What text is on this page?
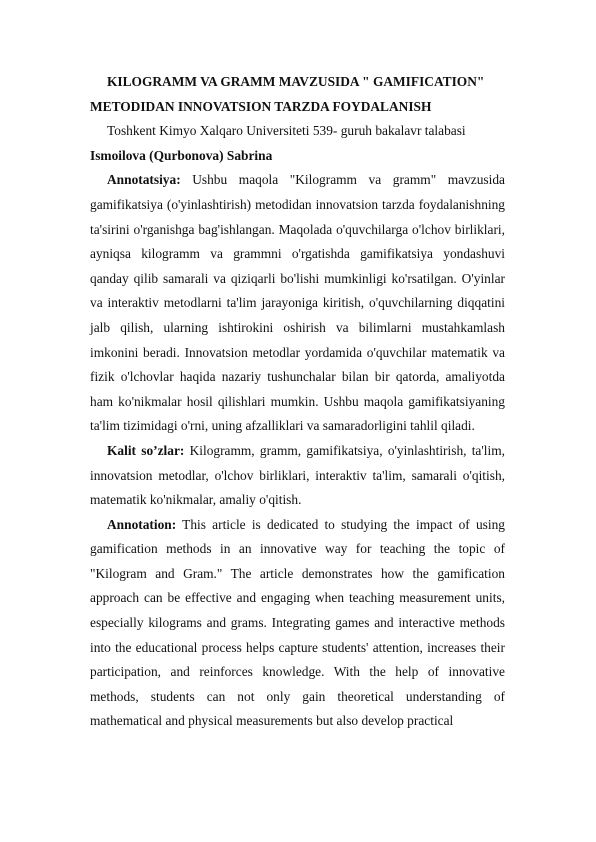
KILOGRAMM VA GRAMM MAVZUSIDA " GAMIFICATION"

METODIDAN INNOVATSION TARZDA FOYDALANISH

Toshkent Kimyo Xalqaro Universiteti 539- guruh bakalavr talabasi

Ismoilova (Qurbonova) Sabrina

Annotatsiya: Ushbu maqola "Kilogramm va gramm" mavzusida gamifikatsiya (o'yinlashtirish) metodidan innovatsion tarzda foydalanishning ta'sirini o'rganishga bag'ishlangan. Maqolada o'quvchilarga o'lchov birliklari, ayniqsa kilogramm va grammni o'rgatishda gamifikatsiya yondashuvi qanday qilib samarali va qiziqarli bo'lishi mumkinligi ko'rsatilgan. O'yinlar va interaktiv metodlarni ta'lim jarayoniga kiritish, o'quvchilarning diqqatini jalb qilish, ularning ishtirokini oshirish va bilimlarni mustahkamlash imkonini beradi. Innovatsion metodlar yordamida o'quvchilar matematik va fizik o'lchovlar haqida nazariy tushunchalar bilan bir qatorda, amaliyotda ham ko'nikmalar hosil qilishlari mumkin. Ushbu maqola gamifikatsiyaning ta'lim tizimidagi o'rni, uning afzalliklari va samaradorligini tahlil qiladi.

Kalit so’zlar: Kilogramm, gramm, gamifikatsiya, o'yinlashtirish, ta'lim, innovatsion metodlar, o'lchov birliklari, interaktiv ta'lim, samarali o'qitish, matematik ko'nikmalar, amaliy o'qitish.

Annotation: This article is dedicated to studying the impact of using gamification methods in an innovative way for teaching the topic of "Kilogram and Gram." The article demonstrates how the gamification approach can be effective and engaging when teaching measurement units, especially kilograms and grams. Integrating games and interactive methods into the educational process helps capture students' attention, increases their participation, and reinforces knowledge. With the help of innovative methods, students can not only gain theoretical understanding of mathematical and physical measurements but also develop practical
